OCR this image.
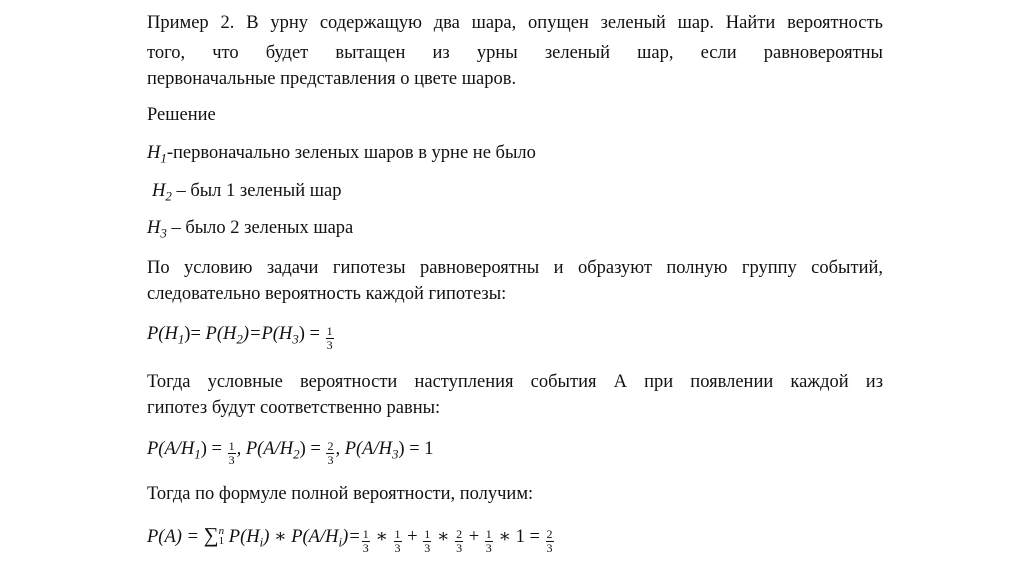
Пример 2. В урну содержащую два шара, опущен зеленый шар. Найти вероятность
того, что будет вытащен из урны зеленый шар, если равновероятны
первоначальные представления о цвете шаров.
Решение
$H_1$-первоначально зеленых шаров в урне не было
$H_2$ – был 1 зеленый шар
$H_3$ – было 2 зеленых шара
По условию задачи гипотезы равновероятны и образуют полную группу событий,
следовательно вероятность каждой гипотезы:
$P(H_1)= P(H_2)=P(H_3) = \frac{1}{3}$
Тогда условные вероятности наступления события А при появлении каждой из
гипотез будут соответственно равны:
$P(A/H_1) = \frac{1}{3}$ , $P(A/H_2) = \frac{2}{3}$ , $P(A/H_3) = 1$
Тогда по формуле полной вероятности, получим:
P(A) = ∑ n
1 $P(H_i)$ ∗ $P(A/H_i)= \frac{1}{3}$ ∗ $\frac{1}{3} + \frac{1}{3}$ ∗ $\frac{2}{3} + \frac{1}{3}$ ∗ $1 = \frac{2}{3}$
